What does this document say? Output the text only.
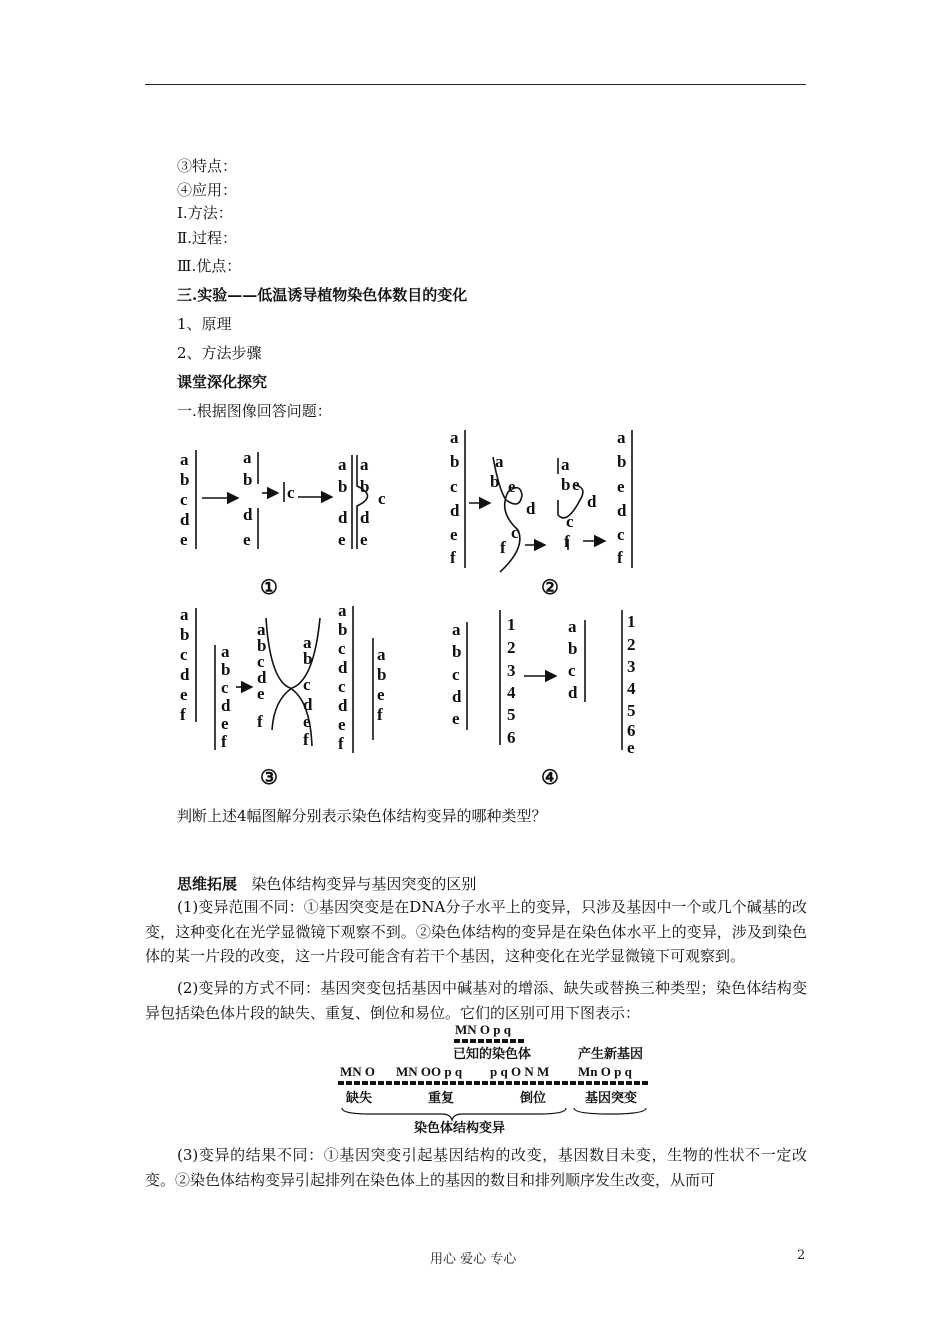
③特点：
④应用：
Ⅰ.方法：
Ⅱ.过程：
Ⅲ.优点：
三.实验——低温诱导植物染色体数目的变化
1、原理
2、方法步骤
课堂深化探究
一.根据图像回答问题：
a
b
c
d
e
a
b
d
e
c
a
b
d
e
a
b
d
e
c
①
a
b
c
d
e
f
a
b e
d
c
f
a
b e
d
c
f
a
b
e
d
c
f
②
a
b
c
d
e
f
a
b
c
d
e
f
a
b
c
d
e
f
a
b
c
d
e
f
a
b
c
d
c
d
e
f
a
b
e
f
③
a
b
c
d
e
1
2
3
4
5
6
a
b
c
d
1
2
3
4
5
6
e
④
判断上述4幅图解分别表示染色体结构变异的哪种类型？
思维拓展 染色体结构变异与基因突变的区别
(1)变异范围不同：①基因突变是在DNA分子水平上的变异，只涉及基因中一个或几个碱基的改变，这种变化在光学显微镜下观察不到。②染色体结构的变异是在染色体水平上的变异，涉及到染色体的某一片段的改变，这一片段可能含有若干个基因，这种变化在光学显微镜下可观察到。
(2)变异的方式不同：基因突变包括基因中碱基对的增添、缺失或替换三种类型；染色体结构变异包括染色体片段的缺失、重复、倒位和易位。它们的区别可用下图表示：
MN O p q
已知的染色体	产生新基因
MN O MN OO p q p q O N M Mn O p q
缺失	重复	倒位	基因突变
染色体结构变异
(3)变异的结果不同：①基因突变引起基因结构的改变，基因数目未变，生物的性状不一定改变。②染色体结构变异引起排列在染色体上的基因的数目和排列顺序发生改变，从而可
用心 爱心 专心	2
